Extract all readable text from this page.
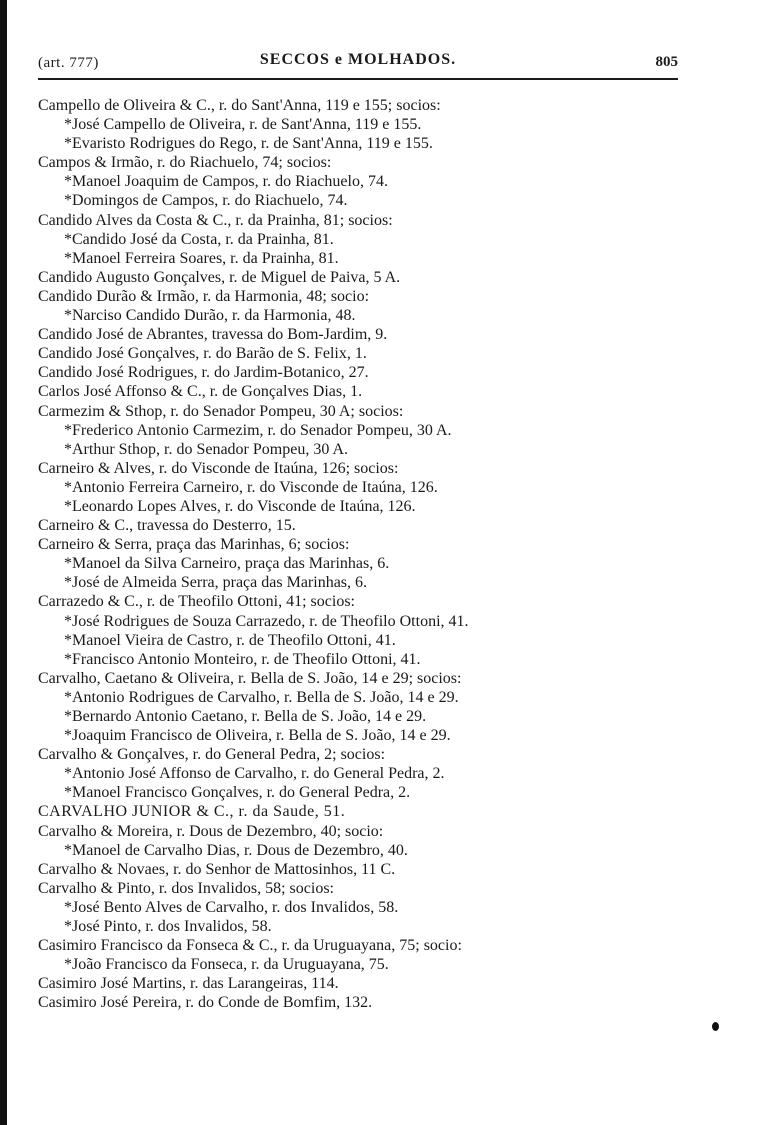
(art. 777)	SECCOS e MOLHADOS.	805
Campello de Oliveira & C., r. do Sant'Anna, 119 e 155; socios:
*José Campello de Oliveira, r. de Sant'Anna, 119 e 155.
*Evaristo Rodrigues do Rego, r. de Sant'Anna, 119 e 155.
Campos & Irmão, r. do Riachuelo, 74; socios:
*Manoel Joaquim de Campos, r. do Riachuelo, 74.
*Domingos de Campos, r. do Riachuelo, 74.
Candido Alves da Costa & C., r. da Prainha, 81; socios:
*Candido José da Costa, r. da Prainha, 81.
*Manoel Ferreira Soares, r. da Prainha, 81.
Candido Augusto Gonçalves, r. de Miguel de Paiva, 5 A.
Candido Durão & Irmão, r. da Harmonia, 48; socio:
*Narciso Candido Durão, r. da Harmonia, 48.
Candido José de Abrantes, travessa do Bom-Jardim, 9.
Candido José Gonçalves, r. do Barão de S. Felix, 1.
Candido José Rodrigues, r. do Jardim-Botanico, 27.
Carlos José Affonso & C., r. de Gonçalves Dias, 1.
Carmezim & Sthop, r. do Senador Pompeu, 30 A; socios:
*Frederico Antonio Carmezim, r. do Senador Pompeu, 30 A.
*Arthur Sthop, r. do Senador Pompeu, 30 A.
Carneiro & Alves, r. do Visconde de Itaúna, 126; socios:
*Antonio Ferreira Carneiro, r. do Visconde de Itaúna, 126.
*Leonardo Lopes Alves, r. do Visconde de Itaúna, 126.
Carneiro & C., travessa do Desterro, 15.
Carneiro & Serra, praça das Marinhas, 6; socios:
*Manoel da Silva Carneiro, praça das Marinhas, 6.
*José de Almeida Serra, praça das Marinhas, 6.
Carrazedo & C., r. de Theofilo Ottoni, 41; socios:
*José Rodrigues de Souza Carrazedo, r. de Theofilo Ottoni, 41.
*Manoel Vieira de Castro, r. de Theofilo Ottoni, 41.
*Francisco Antonio Monteiro, r. de Theofilo Ottoni, 41.
Carvalho, Caetano & Oliveira, r. Bella de S. João, 14 e 29; socios:
*Antonio Rodrigues de Carvalho, r. Bella de S. João, 14 e 29.
*Bernardo Antonio Caetano, r. Bella de S. João, 14 e 29.
*Joaquim Francisco de Oliveira, r. Bella de S. João, 14 e 29.
Carvalho & Gonçalves, r. do General Pedra, 2; socios:
*Antonio José Affonso de Carvalho, r. do General Pedra, 2.
*Manoel Francisco Gonçalves, r. do General Pedra, 2.
CARVALHO JUNIOR & C., r. da Saude, 51.
Carvalho & Moreira, r. Dous de Dezembro, 40; socio:
*Manoel de Carvalho Dias, r. Dous de Dezembro, 40.
Carvalho & Novaes, r. do Senhor de Mattosinhos, 11 C.
Carvalho & Pinto, r. dos Invalidos, 58; socios:
*José Bento Alves de Carvalho, r. dos Invalidos, 58.
*José Pinto, r. dos Invalidos, 58.
Casimiro Francisco da Fonseca & C., r. da Uruguayana, 75; socio:
*João Francisco da Fonseca, r. da Uruguayana, 75.
Casimiro José Martins, r. das Larangeiras, 114.
Casimiro José Pereira, r. do Conde de Bomfim, 132.
